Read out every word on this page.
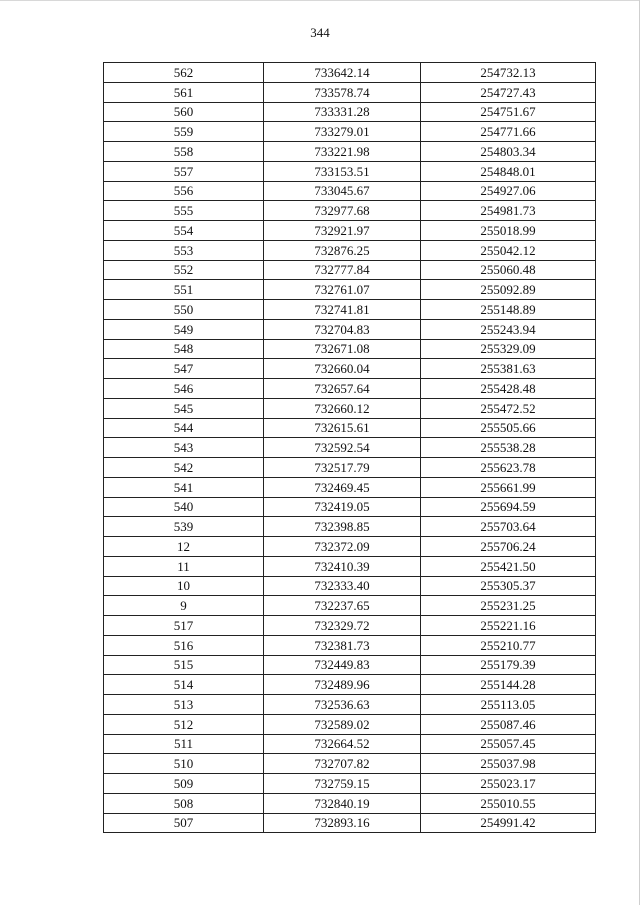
344
562	733642.14	254732.13
561	733578.74	254727.43
560	733331.28	254751.67
559	733279.01	254771.66
558	733221.98	254803.34
557	733153.51	254848.01
556	733045.67	254927.06
555	732977.68	254981.73
554	732921.97	255018.99
553	732876.25	255042.12
552	732777.84	255060.48
551	732761.07	255092.89
550	732741.81	255148.89
549	732704.83	255243.94
548	732671.08	255329.09
547	732660.04	255381.63
546	732657.64	255428.48
545	732660.12	255472.52
544	732615.61	255505.66
543	732592.54	255538.28
542	732517.79	255623.78
541	732469.45	255661.99
540	732419.05	255694.59
539	732398.85	255703.64
12	732372.09	255706.24
11	732410.39	255421.50
10	732333.40	255305.37
9	732237.65	255231.25
517	732329.72	255221.16
516	732381.73	255210.77
515	732449.83	255179.39
514	732489.96	255144.28
513	732536.63	255113.05
512	732589.02	255087.46
511	732664.52	255057.45
510	732707.82	255037.98
509	732759.15	255023.17
508	732840.19	255010.55
507	732893.16	254991.42
